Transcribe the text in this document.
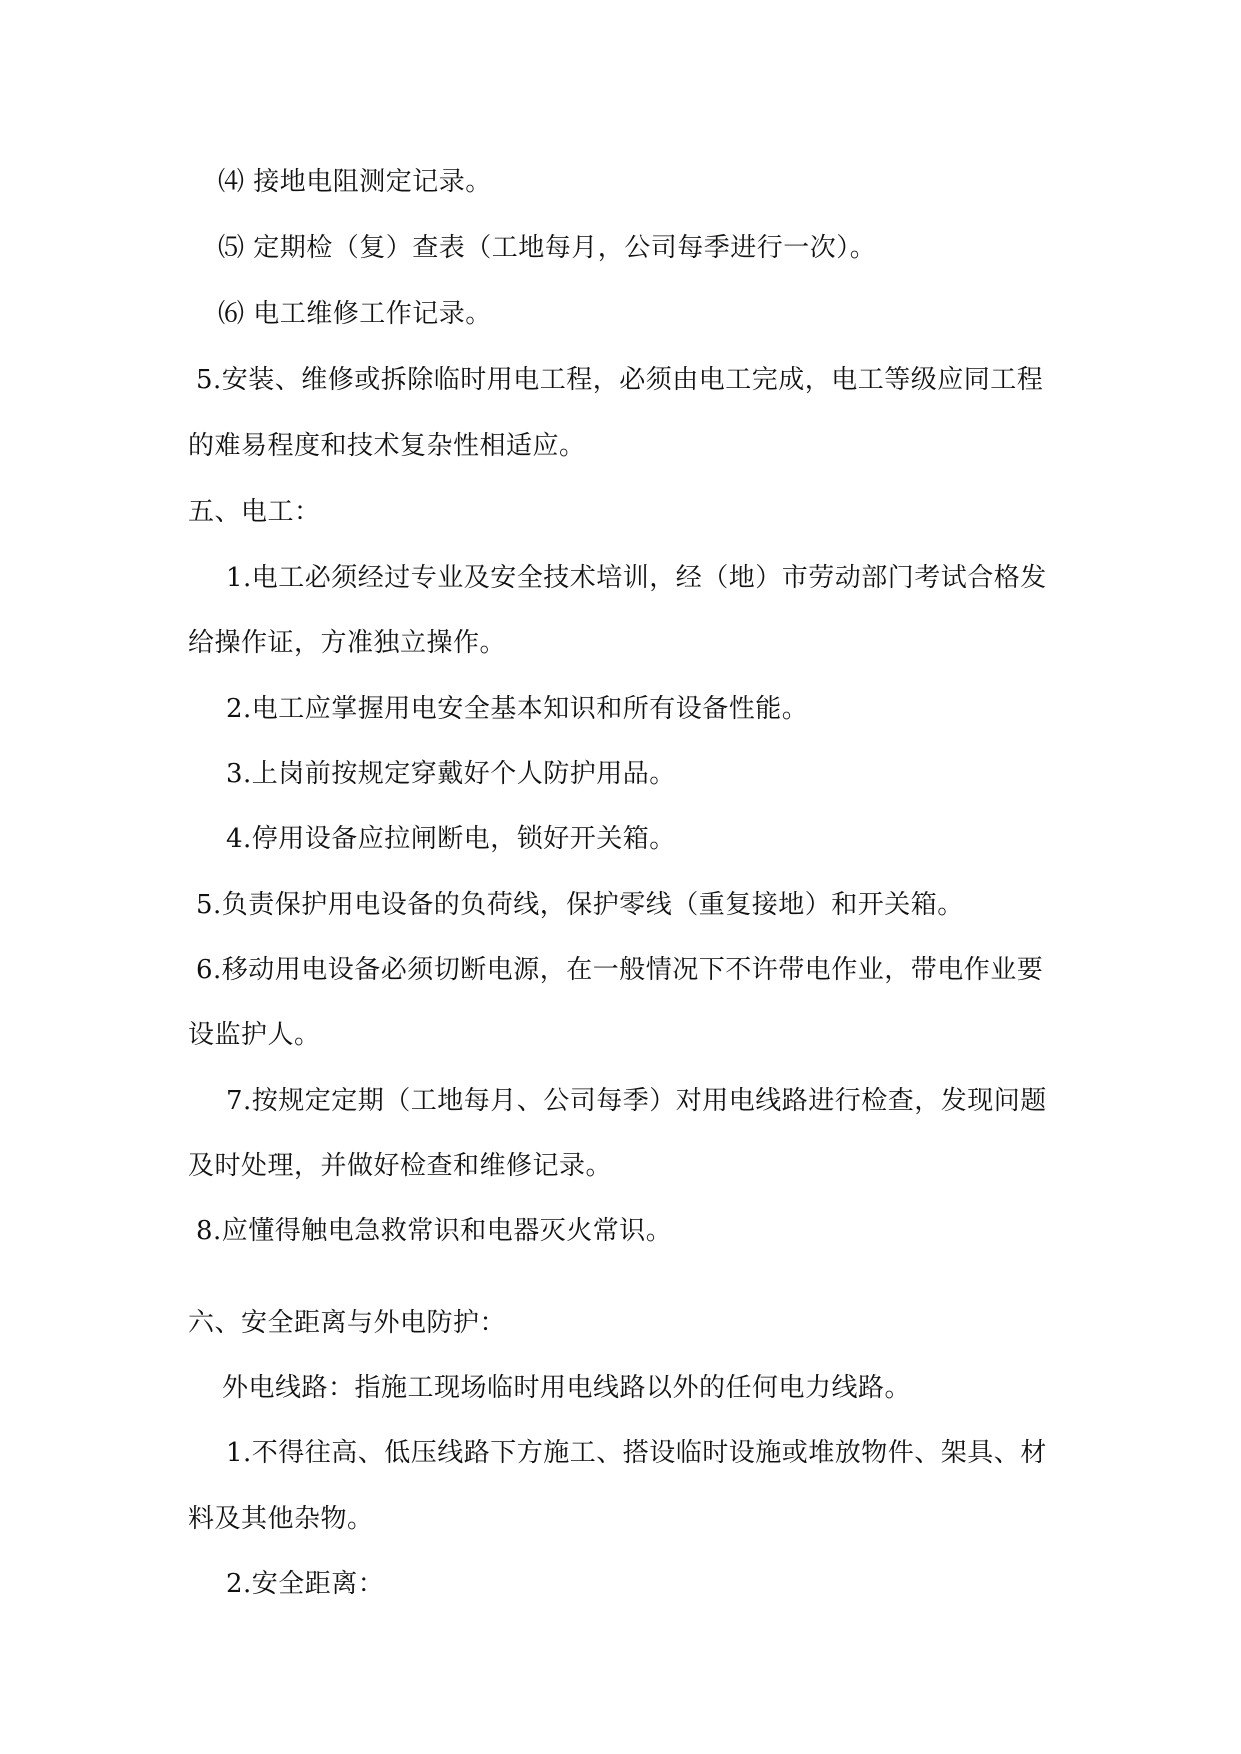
⑷ 接地电阻测定记录。
⑸ 定期检（复）查表（工地每月，公司每季进行一次）。
⑹ 电工维修工作记录。
5.安装、维修或拆除临时用电工程，必须由电工完成，电工等级应同工程
的难易程度和技术复杂性相适应。
五、电工：
1.电工必须经过专业及安全技术培训，经（地）市劳动部门考试合格发
给操作证，方准独立操作。
2.电工应掌握用电安全基本知识和所有设备性能。
3.上岗前按规定穿戴好个人防护用品。
4.停用设备应拉闸断电，锁好开关箱。
5.负责保护用电设备的负荷线，保护零线（重复接地）和开关箱。
6.移动用电设备必须切断电源，在一般情况下不许带电作业，带电作业要
设监护人。
7.按规定定期（工地每月、公司每季）对用电线路进行检查，发现问题
及时处理，并做好检查和维修记录。
8.应懂得触电急救常识和电器灭火常识。
六、安全距离与外电防护：
外电线路：指施工现场临时用电线路以外的任何电力线路。
1.不得往高、低压线路下方施工、搭设临时设施或堆放物件、架具、材
料及其他杂物。
2.安全距离：
